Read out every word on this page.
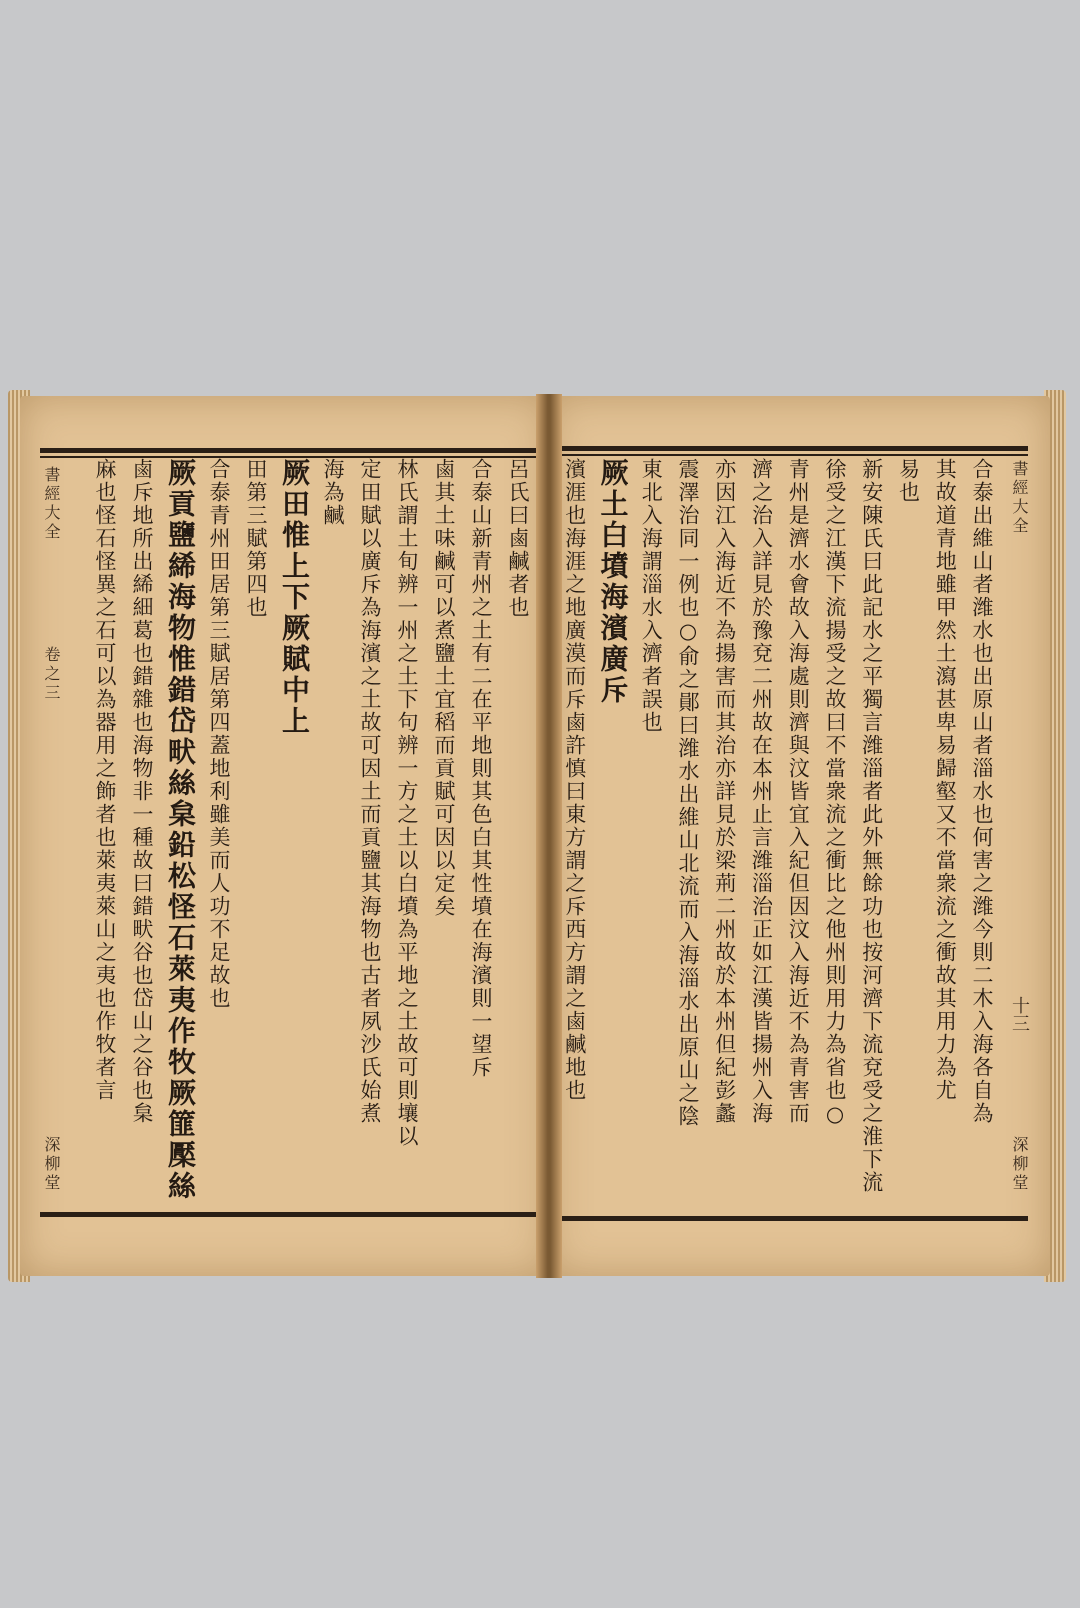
書經大全
卷之三
深柳堂
呂氏曰鹵鹹者也
合泰山新青州之土有二在平地則其色白其性墳在海濱則一望斥
鹵其土味鹹可以煮鹽土宜稻而貢賦可因以定矣
林氏謂土旬辨一州之土下句辨一方之土以白墳為平地之土故可則壤以
定田賦以廣斥為海濱之土故可因土而貢鹽其海物也古者夙沙氏始煮
海為鹹
厥田惟上下厥賦中上
田第三賦第四也
合泰青州田居第三賦居第四蓋地利雖美而人功不足故也
厥貢鹽絺海物惟錯岱畎絲枲鉛松怪石萊夷作牧厥篚檿絲
鹵斥地所出絺細葛也錯雜也海物非一種故曰錯畎谷也岱山之谷也枲
麻也怪石怪異之石可以為器用之飾者也萊夷萊山之夷也作牧者言	書經大全
十三
深柳堂
合泰出維山者潍水也出原山者淄水也何害之潍今則二木入海各自為
其故道青地雖甲然土瀉甚卑易歸壑又不當衆流之衝故其用力為尤
易也
新安陳氏曰此記水之平獨言潍淄者此外無餘功也按河濟下流兗受之淮下流
徐受之江漢下流揚受之故曰不當衆流之衝比之他州則用力為省也○
青州是濟水會故入海處則濟與汶皆宜入紀但因汶入海近不為青害而
濟之治入詳見於豫兗二州故在本州止言潍淄治正如江漢皆揚州入海
亦因江入海近不為揚害而其治亦詳見於梁荊二州故於本州但紀彭蠡
震澤治同一例也○俞之鄖曰潍水出維山北流而入海淄水出原山之陰
東北入海謂淄水入濟者誤也
厥土白墳海濱廣斥
濱涯也海涯之地廣漠而斥鹵許慎曰東方謂之斥西方謂之鹵鹹地也
